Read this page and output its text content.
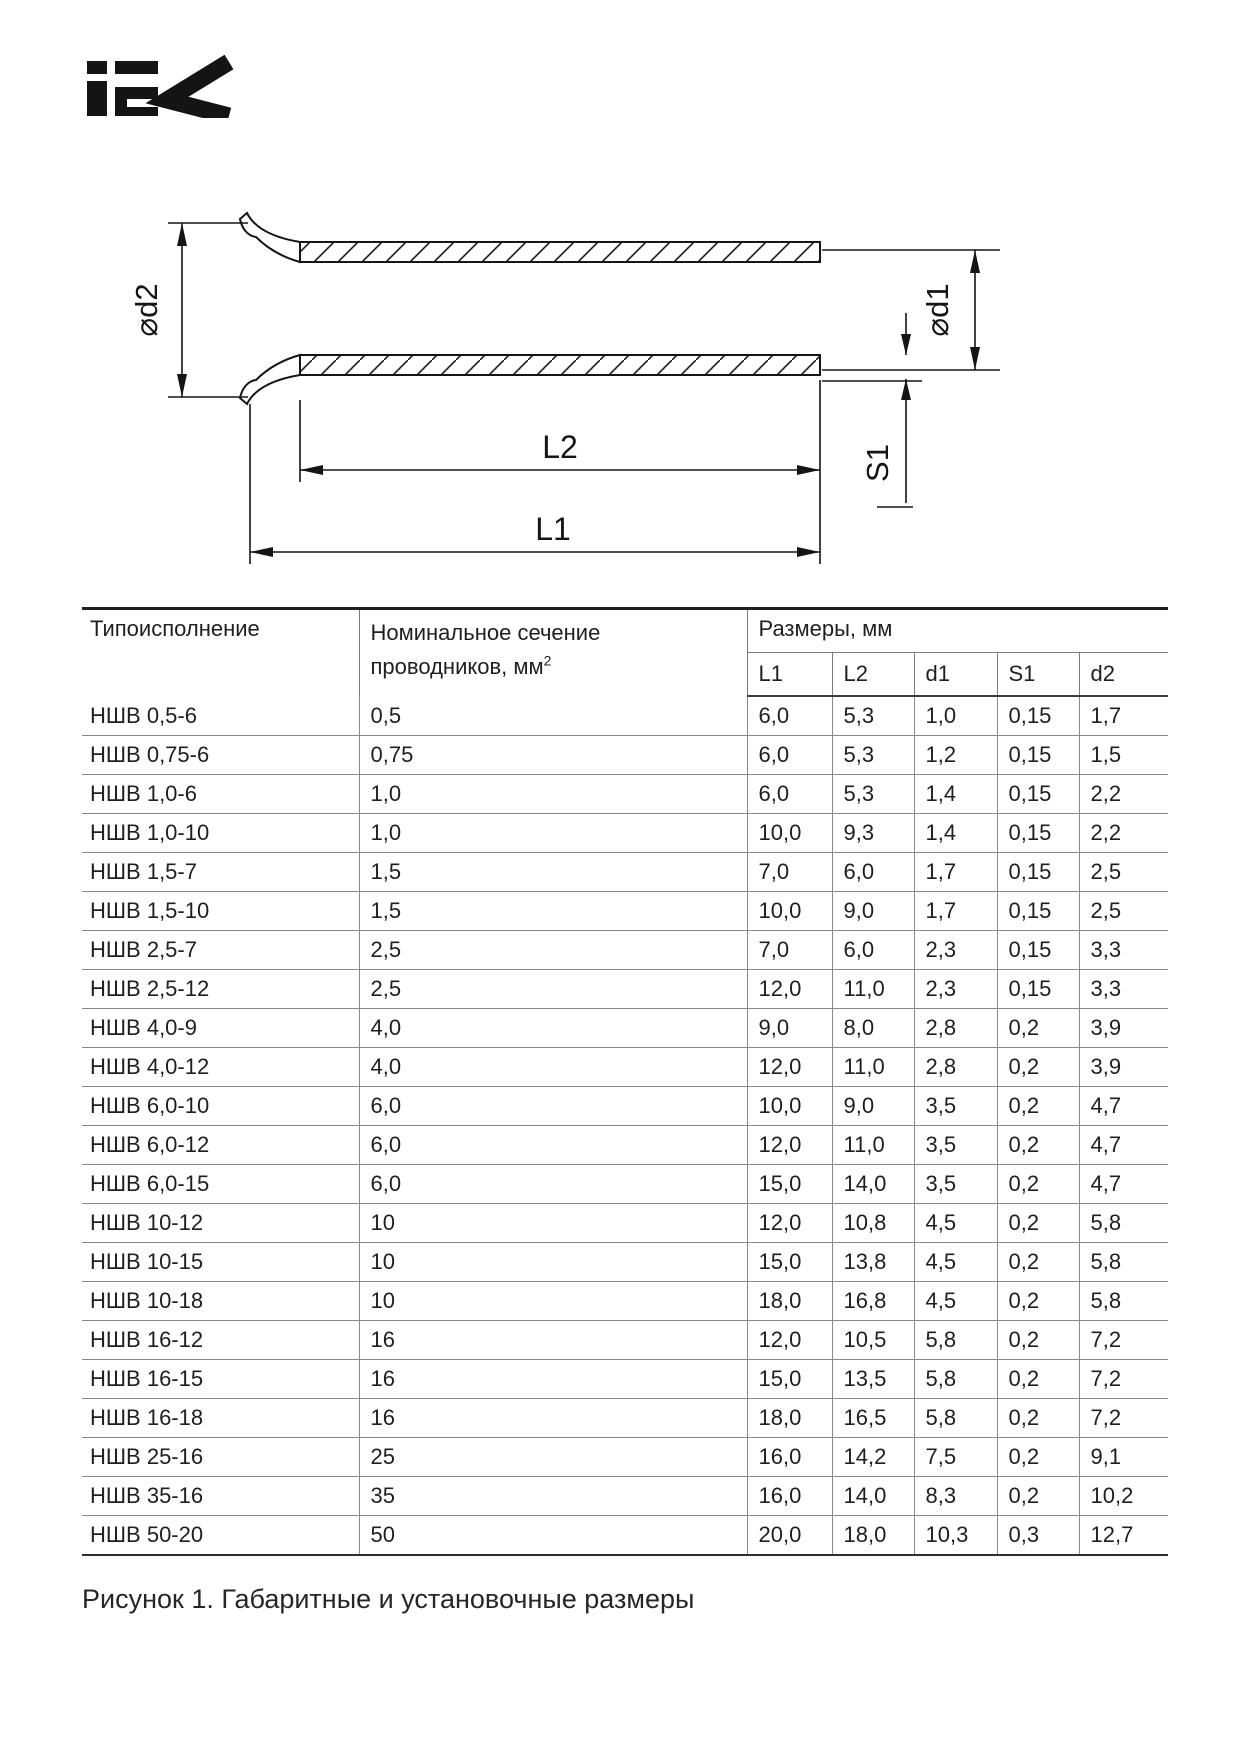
⌀d2	⌀d1
S1
L2
L1
Типоисполнение	Номинальное сечение
проводников, $мм^2$	Размеры, мм				
		L1	L2	d1	S1	d2
НШВ 0,5-6	0,5	6,0	5,3	1,0	0,15	1,7
НШВ 0,75-6	0,75	6,0	5,3	1,2	0,15	1,5
НШВ 1,0-6	1,0	6,0	5,3	1,4	0,15	2,2
НШВ 1,0-10	1,0	10,0	9,3	1,4	0,15	2,2
НШВ 1,5-7	1,5	7,0	6,0	1,7	0,15	2,5
НШВ 1,5-10	1,5	10,0	9,0	1,7	0,15	2,5
НШВ 2,5-7	2,5	7,0	6,0	2,3	0,15	3,3
НШВ 2,5-12	2,5	12,0	11,0	2,3	0,15	3,3
НШВ 4,0-9	4,0	9,0	8,0	2,8	0,2	3,9
НШВ 4,0-12	4,0	12,0	11,0	2,8	0,2	3,9
НШВ 6,0-10	6,0	10,0	9,0	3,5	0,2	4,7
НШВ 6,0-12	6,0	12,0	11,0	3,5	0,2	4,7
НШВ 6,0-15	6,0	15,0	14,0	3,5	0,2	4,7
НШВ 10-12	10	12,0	10,8	4,5	0,2	5,8
НШВ 10-15	10	15,0	13,8	4,5	0,2	5,8
НШВ 10-18	10	18,0	16,8	4,5	0,2	5,8
НШВ 16-12	16	12,0	10,5	5,8	0,2	7,2
НШВ 16-15	16	15,0	13,5	5,8	0,2	7,2
НШВ 16-18	16	18,0	16,5	5,8	0,2	7,2
НШВ 25-16	25	16,0	14,2	7,5	0,2	9,1
НШВ 35-16	35	16,0	14,0	8,3	0,2	10,2
НШВ 50-20	50	20,0	18,0	10,3	0,3	12,7
Рисунок 1. Габаритные и установочные размеры
